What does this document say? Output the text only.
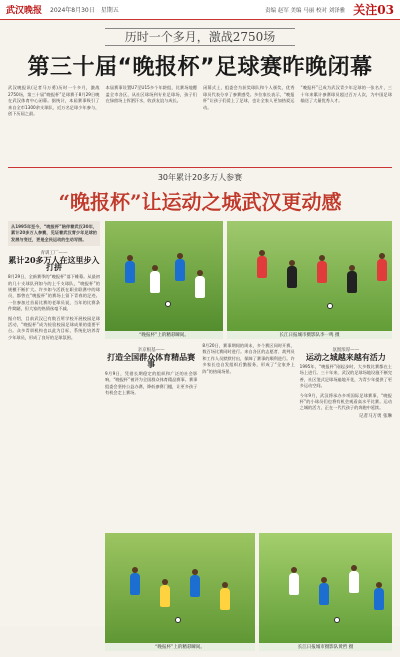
武汉晚报 2024年8月30日 星期五	责编 赵军 美编 马丽 校对 刘泽雅 关注03
历时一个多月，激战2750场
第三十届“晚报杯”足球赛昨晚闭幕
武汉晚报讯(记者马万勇)历时一个多月，激战2750场，第三十届“晚报杯”足球赛于8月29日晚在武汉体育中心闭幕。据统计，本届赛事吸引了来自全市1300余支球队、近万名足球少年参与，创下历届之最。
本届赛事设置U7至U15多个年龄组，比赛场地覆盖全市各区，从社区球场到专业足球场，孩子们在绿茵场上挥洒汗水，收获友谊与成长。
闭幕式上，组委会为获奖球队和个人颁奖，优秀球员代表分享了参赛感受。多位家长表示，“晚报杯”让孩子们爱上了足球，也让全家人更加热爱运动。
“晚报杯”已成为武汉青少年足球的一张名片，三十年来累计参赛球员超过百万人次，为中国足球输送了大量优秀人才。
30年累计20多万人参赛
“晚报杯”让运动之城武汉更动感
从1995年至今，“晚报杯”陪伴着武汉30年，累计20多万人参赛，见证着武汉青少年足球的发展与变迁，更是全民运动的生动写照。
青训工厂——
累计20多万人在这里步入打拼

8月29日，全新赛季的“晚报杯”落下帷幕。从最初的几十支球队到如今的上千支球队，“晚报杯”的规模不断扩大。许多如今活跃在职业联赛中的球员，都曾在“晚报杯”的赛场上留下青春的足迹。一位参加过首届比赛的老球员说，当年的比赛条件简陋，但大家的热情丝毫不减。

据介绍，目前武汉已有数百所学校开展校园足球活动，“晚报杯”成为检验校园足球成果的重要平台。众多青训机构也以此为目标，系统化培养青少年球员，形成了良好的足球氛围。	“晚报杯”上的精彩瞬间。	长江日报城市摄影队李一鸣 摄
亲京根基——
打造全国群众体育精品赛事

9月9日，凭借长期稳定的组织和广泛的社会影响，“晚报杯”被评为全国群众体育精品赛事。赛事组委会坚持公益办赛，降低参赛门槛，让更多孩子有机会走上赛场。

8月20日，赛事期间的周末，多个赛区同时开赛，数百场比赛同时进行。来自各区的志愿者、裁判员和工作人员默默付出，保障了赛事的顺利进行。许多家长也自发组织后勤服务，形成了“全家齐上阵”的热闹场景。

氛围浓厚——
运动之城越来越有活力

1995年，“晚报杯”刚起步时，大多数比赛都在土场上进行。三十年来，武汉的足球场地设施不断完善，社区笼式足球场遍地开花，为青少年提供了更多运动空间。

今年9月，武汉将承办多项国际足球赛事，“晚报杯”的小球员们也将有机会观看高水平比赛。运动之城的活力，正在一代代孩子的奔跑中延续。

记者马万勇 张琳
“晚报杯”上的精彩瞬间。	长江日报城市摄影队黄哲 摄
